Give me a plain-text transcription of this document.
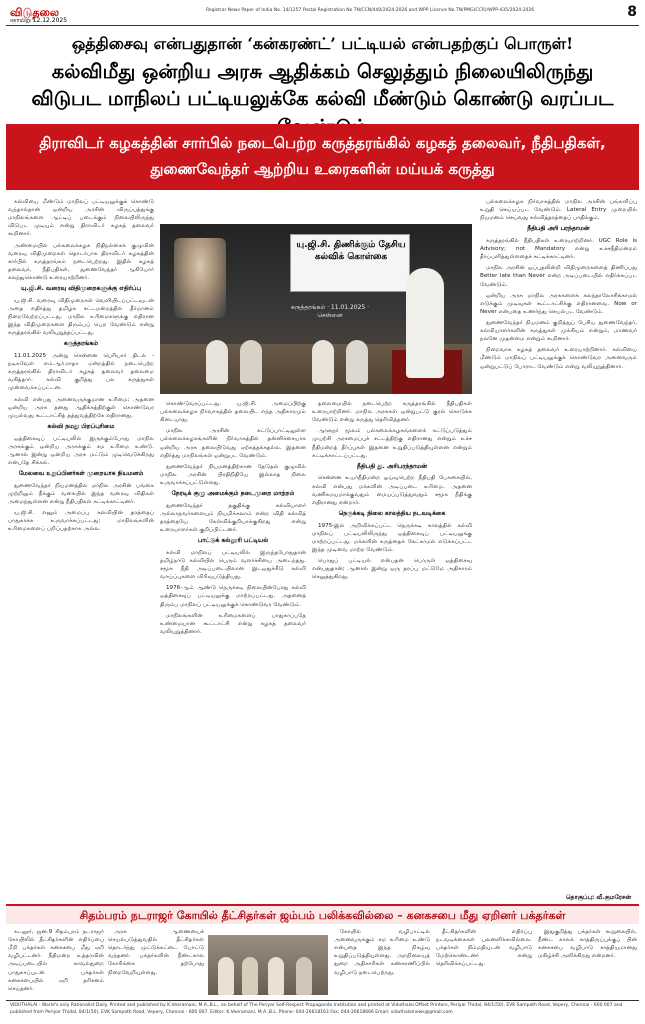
விடுதலை
ஞாயிறு 12.12.2025
Registrar News Paper of India No. 14/1257 Postal Registration No TN/CCN/440/2024-2026 and WPP Licence No TN/PMG(CCR)/WPP-435/2024-2026	8
ஒத்திசைவு என்பதுதான் ‘கன்கரண்ட்’ பட்டியல் என்பதற்குப் பொருள்!
கல்விமீது ஒன்றிய அரசு ஆதிக்கம் செலுத்தும் நிலையிலிருந்து விடுபட மாநிலப் பட்டியலுக்கே கல்வி மீண்டும் கொண்டு வரப்பட
திராவிடர் கழகத்தின் சார்பில் நடைபெற்ற கருத்தரங்கில் கழகத் தலைவர், நீதிபதிகள், துணைவேந்தர் ஆற்றிய உரைகளின் மய்யக் கருத்து

கல்வியை மீண்டும் மாநிலப் பட்டியலுக்குக் கொண்டு வந்தால்தான் ஒன்றிய அரசின் விருப்பத்துக்கு மாநிலங்களை ஆட்டிப் படைக்கும் நிலையிலிருந்து விடுபட முடியும் என்று திராவிடர் கழகத் தலைவர் கூறினார்.

அண்மையில் பல்கலைக்கழக நிதிநல்கைக் குழுவின் வரைவு விதிமுறைகள் தொடர்பாக திராவிடர் கழகத்தின் சார்பில் கருத்தரங்கம் நடைபெற்றது. இதில் கழகத் தலைவர், நீதிபதிகள், துணைவேந்தர் ஆகியோர் கலந்துகொண்டு உரையாற்றினர்.

யு.ஜி.சி. வரைவு விதிமுறைகளுக்கு எதிர்ப்பு

யு.ஜி.சி. வரைவு விதிமுறைகள் வெளியிடப்பட்டவுடன் அதை எதிர்த்து தமிழக சட்டமன்றத்தில் தீர்மானம் நிறைவேற்றப்பட்டது. மாநில உரிமைகளுக்கு எதிரான இந்த விதிமுறைகளை திரும்பப் பெற வேண்டும் என்று கருத்தரங்கில் வலியுறுத்தப்பட்டது.

கருத்தரங்கம்

11.01.2025 அன்று சென்னை பெரியார் திடல் - நடிகவேள் எம்.ஆர்.ராதா மன்றத்தில் நடைபெற்ற கருத்தரங்கில் திராவிடர் கழகத் தலைவர் தலைமை வகித்தார். கல்வி குறித்து பல கருத்துகள் முன்வைக்கப்பட்டன.

கல்வி என்பது அனைவருக்குமான உரிமை; அதனை ஒன்றிய அரசு தனது ஆதிக்கத்திற்குள் கொண்டுவர முயல்வது கூட்டாட்சித் தத்துவத்திற்கே எதிரானது.

கல்வி நமது பிறப்புரிமை

ஒத்திசைவுப் பட்டியலில் இருக்கும்போது மாநில அரசுக்கும் ஒன்றிய அரசுக்கும் சம உரிமை உண்டு. ஆனால் இன்று ஒன்றிய அரசு மட்டும் முடிவெடுக்கிறது என்பதே சிக்கல்.

மேலவை உறுப்பினர்கள் முறையாக நியமனம்

துணைவேந்தர் நியமனத்தில் மாநில அரசின் பங்கை முற்றிலும் நீக்கும் வகையில் இந்த வரைவு விதிகள் அமைந்துள்ளன என்று நீதிபதிகள் சுட்டிக்காட்டினர்.

யு.ஜி.சி. எனும் அமைப்பு கல்வியின் தரத்தைப் பாதுகாக்க உருவாக்கப்பட்டது; மாநிலங்களின் உரிமைகளைப் பறிப்பதற்காக அல்ல.

யு.ஜி.சி. திணிக்கும் தேசிய கல்விக் கொள்கை
கருத்தரங்கம் · 11.01.2025 · சென்னை

கொண்டுவரப்பட்டது. யு.ஜி.சி. அமைப்பிற்கு பல்கலைக்கழக நிர்வாகத்தில் தலையிட எந்த அதிகாரமும் கிடையாது.

மாநில அரசின் கட்டுப்பாட்டிலுள்ள பல்கலைக்கழகங்களின் நிர்வாகத்தில் தன்னிச்சையாக ஒன்றிய அரசு தலையிடுவது ஏற்கத்தக்கதல்ல. இதனை எதிர்த்து மாநிலங்கள் ஒன்றுபட வேண்டும்.

துணைவேந்தர் நியமனத்திற்கான தேடுதல் குழுவில் மாநில அரசின் பிரதிநிதியே இல்லாத நிலை உருவாக்கப்பட்டுள்ளது.

நேரடிக் குழு அமைக்கும் நடைமுறை மாற்றம்

துணைவேந்தர் தகுதிக்கு கல்வியாளர் அல்லாதவர்களையும் நியமிக்கலாம் என்ற விதி கல்வித் தரத்தையே கேள்விக்குறியாக்குகிறது என்று உரையாளர்கள் குறிப்பிட்டனர்.

பாட்டுக் கல்லூரி பட்டியல்

கல்வி மாநிலப் பட்டியலில் இருந்தபோதுதான் தமிழ்நாடு கல்வியில் பெரும் வளர்ச்சியை அடைந்தது. சமூக நீதி அடிப்படையிலான இடஒதுக்கீடு கல்வி வாய்ப்புகளை விரிவுபடுத்தியது.

1976-ஆம் ஆண்டு நெருக்கடி நிலையின்போது கல்வி ஒத்திசைவுப் பட்டியலுக்கு மாற்றப்பட்டது. அதனைத் திரும்ப மாநிலப் பட்டியலுக்குக் கொண்டுவர வேண்டும்.

மாநிலங்களின் உரிமைகளைப் பாதுகாப்பதே உண்மையான கூட்டாட்சி என்று கழகத் தலைவர் வலியுறுத்தினார்.

தலைமையில் நடைபெற்ற கருத்தரங்கில் நீதிபதிகள் உரையாற்றினர். மாநில அரசுகள் ஒன்றுபட்டு குரல் கொடுக்க வேண்டும் என்று கருத்து தெரிவித்தனர்.

ஆளுநர் மூலம் பல்கலைக்கழகங்களைக் கட்டுப்படுத்தும் முயற்சி அரசமைப்புச் சட்டத்திற்கு எதிரானது என்றும் உச்ச நீதிமன்றத் தீர்ப்புகள் இதனை உறுதிப்படுத்தியுள்ளன என்றும் சுட்டிக்காட்டப்பட்டது.

நீதிபதி து. அரிபரந்தாமன்

சென்னை உயர்நீதிமன்ற ஓய்வுபெற்ற நீதிபதி பேசுகையில், கல்வி என்பது மக்களின் அடிப்படை உரிமை. அதனை வணிகமயமாக்குவதும் மையப்படுத்துவதும் சமூக நீதிக்கு எதிரானது என்றார்.

நெருக்கடி நிலை காலத்திய நடவடிக்கை

1975-இல் அறிவிக்கப்பட்ட நெருக்கடி காலத்தில் கல்வி மாநிலப் பட்டியலிலிருந்து ஒத்திசைவுப் பட்டியலுக்கு மாற்றப்பட்டது. மக்களின் கருத்தைக் கேட்காமல் எடுக்கப்பட்ட இந்த முடிவை மாற்ற வேண்டும்.

பொதுப் பட்டியல் என்பதன் பொருள் ஒத்திசைவு என்பதுதான்; ஆனால் இன்று ஒரு தரப்பு மட்டுமே அதிகாரம் செலுத்துகிறது.

பல்கலைக்கழக நிர்வாகத்தில் மாநில அரசின் பங்களிப்பு உறுதி செய்யப்பட வேண்டும். Lateral Entry முறையில் நியமனம் செய்வது கல்வித்தரத்தைப் பாதிக்கும்.

நீதிபதி அரி பரந்தாமன்

கருத்தரங்கில் நீதிபதிகள் உரையாற்றினர். UGC Role is Advisory; not Mandatory என்று உச்சநீதிமன்றம் தீர்ப்பளித்துள்ளதைச் சுட்டிக்காட்டினர்.

மாநில அரசின் ஒப்புதலின்றி விதிமுறைகளைத் திணிப்பது Better late than Never என்ற அடிப்படையில் எதிர்க்கப்பட வேண்டும்.

ஒன்றிய அரசு மாநில அரசுகளைக் கலந்தாலோசிக்காமல் எடுக்கும் முடிவுகள் கூட்டாட்சிக்கு எதிரானவை. Now or Never என்பதை உணர்ந்து செயல்பட வேண்டும்.

துணைவேந்தர் நியமனம் குறித்துப் பேசிய துணைவேந்தர், கல்வியாளர்களின் கருத்துகள் முக்கியம் என்றும், மாணவர் நலனே முதன்மை என்றும் கூறினார்.

நிறைவாக கழகத் தலைவர் உரையாற்றினார். கல்வியை மீண்டும் மாநிலப் பட்டியலுக்குக் கொண்டுவர அனைவரும் ஒன்றுபட்டுப் போராட வேண்டும் என்று வலியுறுத்தினார்.

தொகுப்பு: வீ.குமரேசன்
சிதம்பரம் நடராஜர் கோயில் தீட்சிதர்கள் ஜம்பம் பலிக்கவில்லை – கனகசபை மீது ஏறினர் பக்தர்கள்

கடலூர், ஜன.9 சிதம்பரம் நடராஜர் கோயிலில் தீட்சிதர்களின் எதிர்ப்பை மீறி பக்தர்கள் கனகசபை மீது ஏறி வழிபட்டனர். நீதிமன்ற உத்தரவின் அடிப்படையில் காவல்துறை பாதுகாப்புடன் பக்தர்கள் கனகசபையில் ஏறி தரிசனம் செய்தனர்.

அரசு ஆணையைச் செயல்படுத்துவதில் தீட்சிதர்கள் தொடர்ந்து முட்டுக்கட்டை போட்டு வந்தனர். பக்தர்களின் நீண்டகால கோரிக்கை தற்போது நிறைவேறியுள்ளது.

கோயில் வழிபாட்டில் அனைவருக்கும் சம உரிமை உண்டு என்பதை இந்த நிகழ்வு உறுதிப்படுத்தியுள்ளது. அறநிலையத் துறை அதிகாரிகள் கண்காணிப்பில் வழிபாடு நடைபெற்றது.

தீட்சிதர்களின் எதிர்ப்பு நடவடிக்கைகள் பலனளிக்கவில்லை. பக்தர்கள் நிம்மதியுடன் வழிபாடு மேற்கொண்டனர் என்று தெரிவிக்கப்பட்டது.

இதுகுறித்து பக்தர்கள் கூறுகையில், நீண்ட காலக் காத்திருப்புக்குப் பின் கனகசபை வழிபாடு சாத்தியமானது மகிழ்ச்சி அளிக்கிறது என்றனர்.

VIDUTHALAI - World's only Rationalist Daily. Printed and published by K.Veeramani, M.A.,B.L., on behalf of The Periyar Self-Respect Propaganda Institution and printed at Viduthalai Offset Printers, Periyar Thidal, 84/1(50), EVK Sampath Road, Vepery, Chennai - 600 007 and published from Periyar Thidal, 84/1(50), EVK Sampath Road, Vepery, Chennai - 600 007. Editor: K.Veeramani, M.A.,B.L. Phone: 044-26618163 Fax: 044-26618666 Email: viduthalainews@gmail.com
